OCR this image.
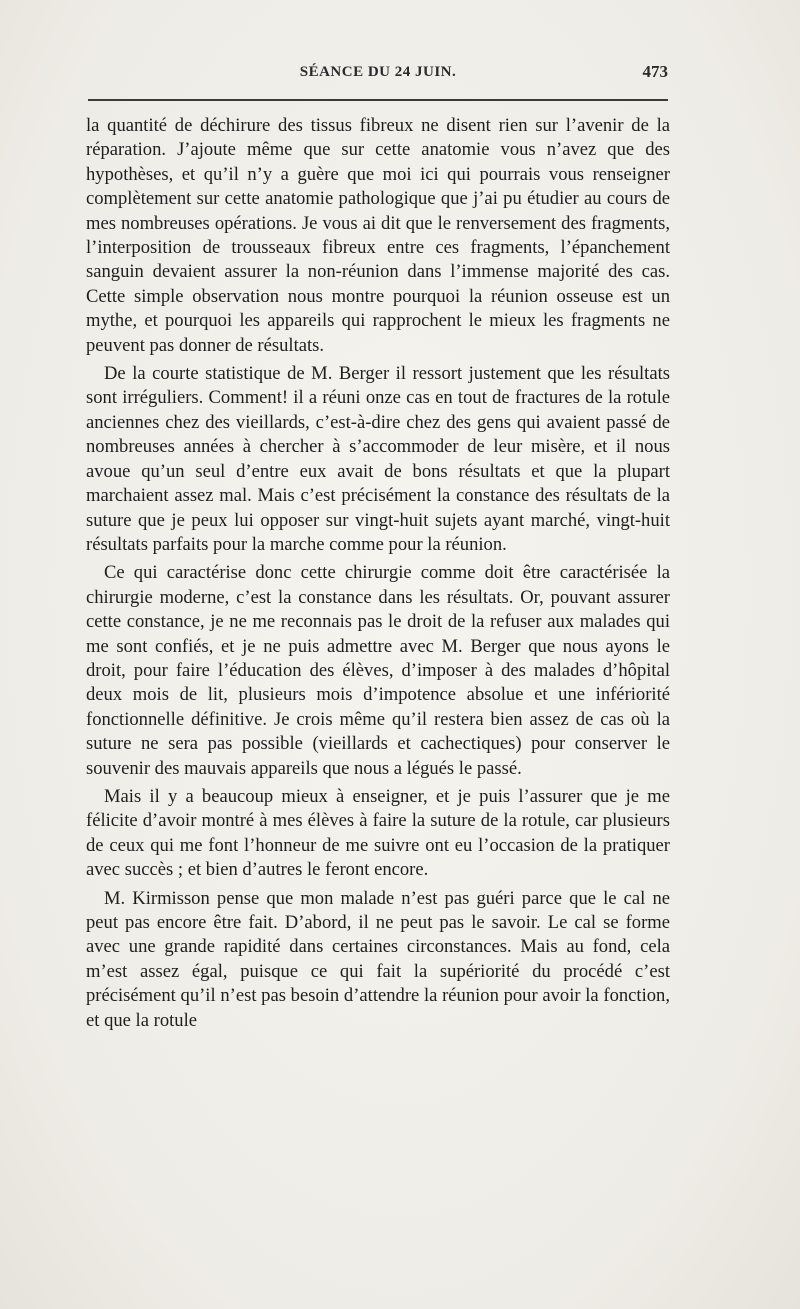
SÉANCE DU 24 JUIN.	473

la quantité de déchirure des tissus fibreux ne disent rien sur l’avenir de la réparation. J’ajoute même que sur cette anatomie vous n’avez que des hypothèses, et qu’il n’y a guère que moi ici qui pourrais vous renseigner complètement sur cette anatomie pathologique que j’ai pu étudier au cours de mes nombreuses opérations. Je vous ai dit que le renversement des fragments, l’interposition de trousseaux fibreux entre ces fragments, l’épanchement sanguin devaient assurer la non-réunion dans l’immense majorité des cas. Cette simple observation nous montre pourquoi la réunion osseuse est un mythe, et pourquoi les appareils qui rapprochent le mieux les fragments ne peuvent pas donner de résultats.

De la courte statistique de M. Berger il ressort justement que les résultats sont irréguliers. Comment! il a réuni onze cas en tout de fractures de la rotule anciennes chez des vieillards, c’est-à-dire chez des gens qui avaient passé de nombreuses années à chercher à s’accommoder de leur misère, et il nous avoue qu’un seul d’entre eux avait de bons résultats et que la plupart marchaient assez mal. Mais c’est précisément la constance des résultats de la suture que je peux lui opposer sur vingt-huit sujets ayant marché, vingt-huit résultats parfaits pour la marche comme pour la réunion.

Ce qui caractérise donc cette chirurgie comme doit être caractérisée la chirurgie moderne, c’est la constance dans les résultats. Or, pouvant assurer cette constance, je ne me reconnais pas le droit de la refuser aux malades qui me sont confiés, et je ne puis admettre avec M. Berger que nous ayons le droit, pour faire l’éducation des élèves, d’imposer à des malades d’hôpital deux mois de lit, plusieurs mois d’impotence absolue et une infériorité fonctionnelle définitive. Je crois même qu’il restera bien assez de cas où la suture ne sera pas possible (vieillards et cachectiques) pour conserver le souvenir des mauvais appareils que nous a légués le passé.

Mais il y a beaucoup mieux à enseigner, et je puis l’assurer que je me félicite d’avoir montré à mes élèves à faire la suture de la rotule, car plusieurs de ceux qui me font l’honneur de me suivre ont eu l’occasion de la pratiquer avec succès ; et bien d’autres le feront encore.

M. Kirmisson pense que mon malade n’est pas guéri parce que le cal ne peut pas encore être fait. D’abord, il ne peut pas le savoir. Le cal se forme avec une grande rapidité dans certaines circonstances. Mais au fond, cela m’est assez égal, puisque ce qui fait la supériorité du procédé c’est précisément qu’il n’est pas besoin d’attendre la réunion pour avoir la fonction, et que la rotule
